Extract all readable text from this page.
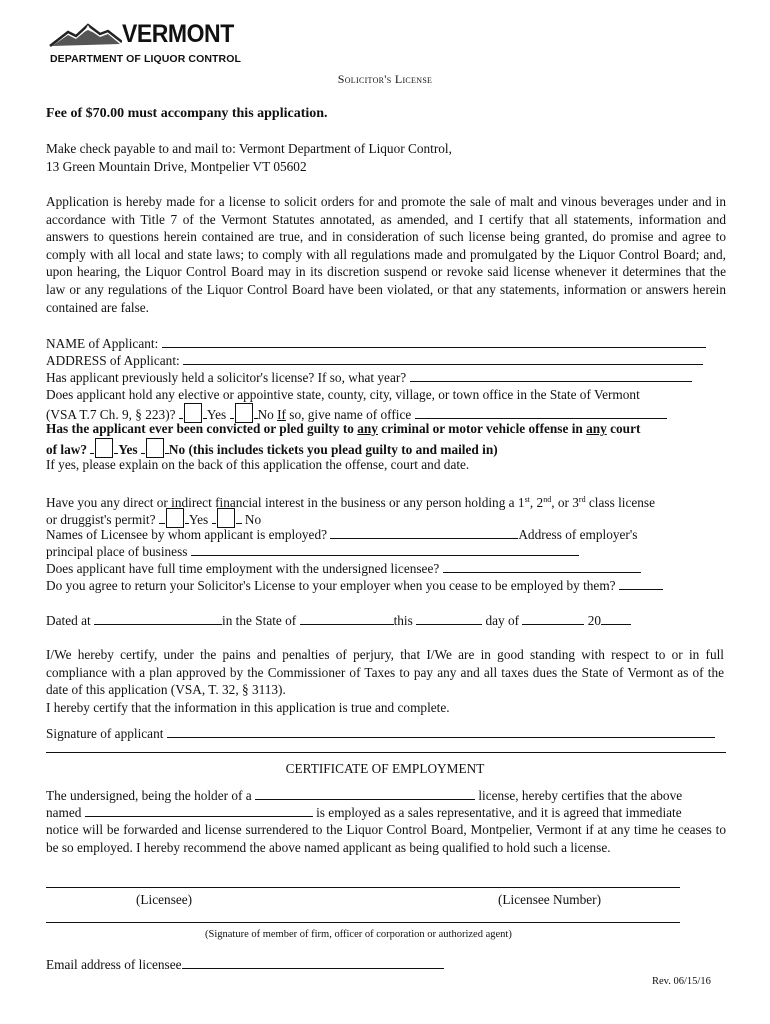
VERMONT
DEPARTMENT OF LIQUOR CONTROL
Solicitor's License
Fee of $70.00 must accompany this application.
Make check payable to and mail to: Vermont Department of Liquor Control,
13 Green Mountain Drive, Montpelier VT 05602
Application is hereby made for a license to solicit orders for and promote the sale of malt and vinous beverages under and in accordance with Title 7 of the Vermont Statutes annotated, as amended, and I certify that all statements, information and answers to questions herein contained are true, and in consideration of such license being granted, do promise and agree to comply with all local and state laws; to comply with all regulations made and promulgated by the Liquor Control Board; and, upon hearing, the Liquor Control Board may in its discretion suspend or revoke said license whenever it determines that the law or any regulations of the Liquor Control Board have been violated, or that any statements, information or answers herein contained are false.
NAME of Applicant:
ADDRESS of Applicant:
Has applicant previously held a solicitor's license? If so, what year?
Does applicant hold any elective or appointive state, county, city, village, or town office in the State of Vermont
(VSA T.7 Ch. 9, § 223)? Yes No If so, give name of office
Has the applicant ever been convicted or pled guilty to any criminal or motor vehicle offense in any court
of law? Yes No (this includes tickets you plead guilty to and mailed in)
If yes, please explain on the back of this application the offense, court and date.
Have you any direct or indirect financial interest in the business or any person holding a 1st, 2nd, or 3rd class license
or druggist's permit?	Yes	No
Names of Licensee by whom applicant is employed?	Address of employer's
principal place of business
Does applicant have full time employment with the undersigned licensee?
Do you agree to return your Solicitor's License to your employer when you cease to be employed by them?
Dated at	in the State of	this	day of	20
I/We hereby certify, under the pains and penalties of perjury, that I/We are in good standing with respect to or in full compliance with a plan approved by the Commissioner of Taxes to pay any and all taxes dues the State of Vermont as of the date of this application (VSA, T. 32, § 3113).
I hereby certify that the information in this application is true and complete.
Signature of applicant
CERTIFICATE OF EMPLOYMENT
The undersigned, being the holder of a	license, hereby certifies that the above
named	is employed as a sales representative, and it is agreed that immediate
notice will be forwarded and license surrendered to the Liquor Control Board, Montpelier, Vermont if at any time he ceases to be so employed. I hereby recommend the above named applicant as being qualified to hold such a license.
(Licensee)	(Licensee Number)
(Signature of member of firm, officer of corporation or authorized agent)
Email address of licensee
Rev. 06/15/16
